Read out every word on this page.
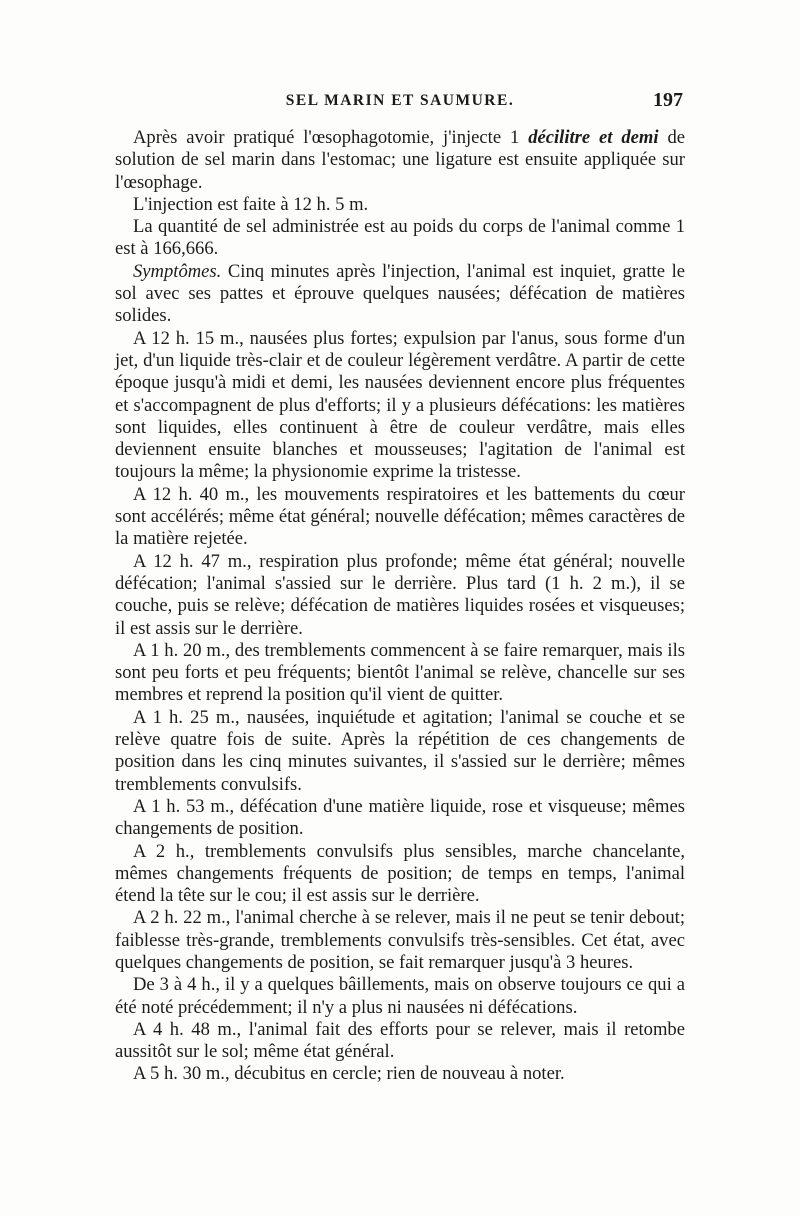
SEL MARIN ET SAUMURE.	197

Après avoir pratiqué l'œsophagotomie, j'injecte 1 décilitre et demi de solution de sel marin dans l'estomac; une ligature est ensuite appliquée sur l'œsophage.

L'injection est faite à 12 h. 5 m.

La quantité de sel administrée est au poids du corps de l'animal comme 1 est à 166,666.

Symptômes. Cinq minutes après l'injection, l'animal est inquiet, gratte le sol avec ses pattes et éprouve quelques nausées; défécation de matières solides.

A 12 h. 15 m., nausées plus fortes; expulsion par l'anus, sous forme d'un jet, d'un liquide très-clair et de couleur légèrement verdâtre. A partir de cette époque jusqu'à midi et demi, les nausées deviennent encore plus fréquentes et s'accompagnent de plus d'efforts; il y a plusieurs défécations: les matières sont liquides, elles continuent à être de couleur verdâtre, mais elles deviennent ensuite blanches et mousseuses; l'agitation de l'animal est toujours la même; la physionomie exprime la tristesse.

A 12 h. 40 m., les mouvements respiratoires et les battements du cœur sont accélérés; même état général; nouvelle défécation; mêmes caractères de la matière rejetée.

A 12 h. 47 m., respiration plus profonde; même état général; nouvelle défécation; l'animal s'assied sur le derrière. Plus tard (1 h. 2 m.), il se couche, puis se relève; défécation de matières liquides rosées et visqueuses; il est assis sur le derrière.

A 1 h. 20 m., des tremblements commencent à se faire remarquer, mais ils sont peu forts et peu fréquents; bientôt l'animal se relève, chancelle sur ses membres et reprend la position qu'il vient de quitter.

A 1 h. 25 m., nausées, inquiétude et agitation; l'animal se couche et se relève quatre fois de suite. Après la répétition de ces changements de position dans les cinq minutes suivantes, il s'assied sur le derrière; mêmes tremblements convulsifs.

A 1 h. 53 m., défécation d'une matière liquide, rose et visqueuse; mêmes changements de position.

A 2 h., tremblements convulsifs plus sensibles, marche chancelante, mêmes changements fréquents de position; de temps en temps, l'animal étend la tête sur le cou; il est assis sur le derrière.

A 2 h. 22 m., l'animal cherche à se relever, mais il ne peut se tenir debout; faiblesse très-grande, tremblements convulsifs très-sensibles. Cet état, avec quelques changements de position, se fait remarquer jusqu'à 3 heures.

De 3 à 4 h., il y a quelques bâillements, mais on observe toujours ce qui a été noté précédemment; il n'y a plus ni nausées ni défécations.

A 4 h. 48 m., l'animal fait des efforts pour se relever, mais il retombe aussitôt sur le sol; même état général.

A 5 h. 30 m., décubitus en cercle; rien de nouveau à noter.
